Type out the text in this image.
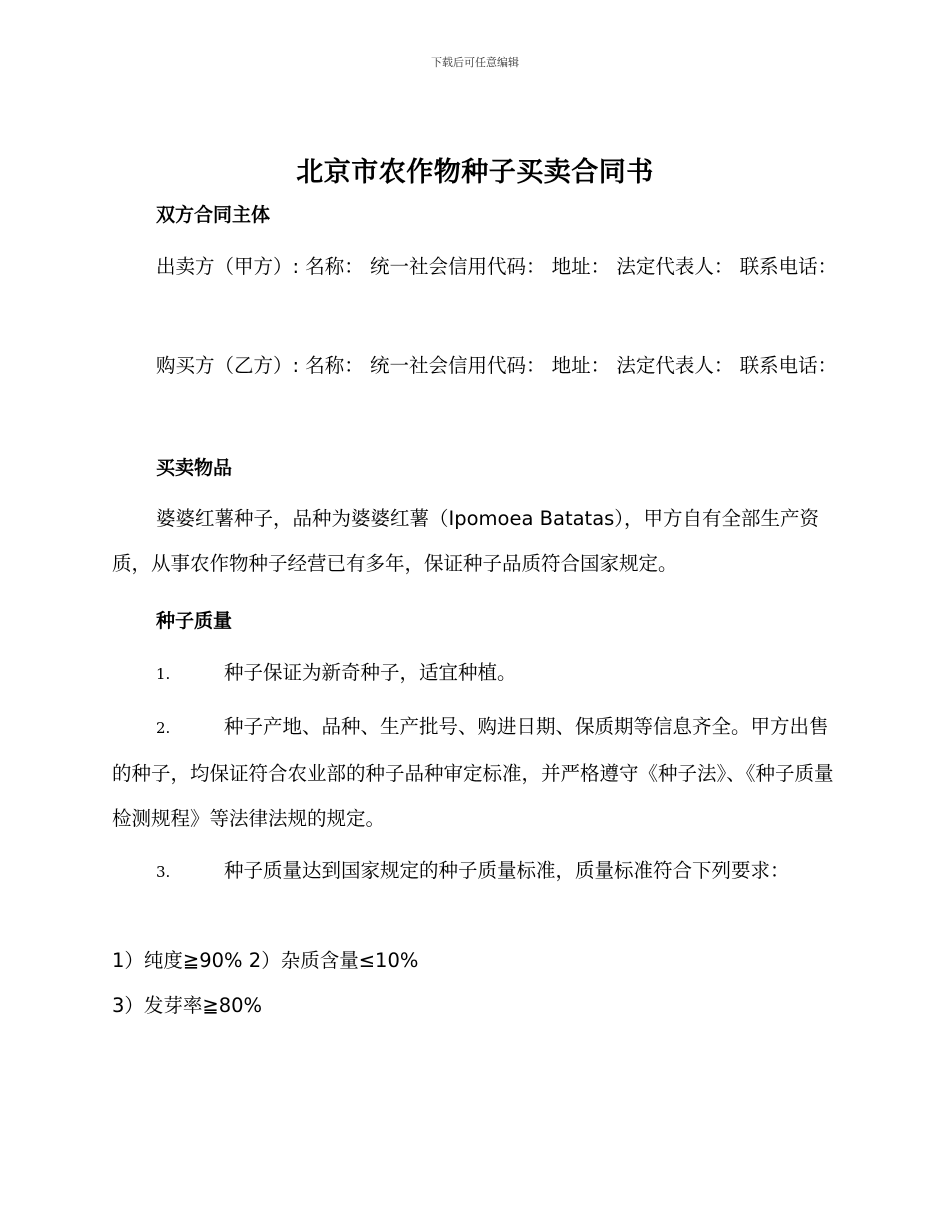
下载后可任意编辑
北京市农作物种子买卖合同书
双方合同主体

出卖方（甲方）: 名称： 统一社会信用代码： 地址： 法定代表人： 联系电话：

购买方（乙方）: 名称： 统一社会信用代码： 地址： 法定代表人： 联系电话：

买卖物品

婆婆红薯种子，品种为婆婆红薯（Ipomoea Batatas），甲方自有全部生产资质，从事农作物种子经营已有多年，保证种子品质符合国家规定。

种子质量

1.	种子保证为新奇种子，适宜种植。

2.	种子产地、品种、生产批号、购进日期、保质期等信息齐全。甲方出售的种子，均保证符合农业部的种子品种审定标准，并严格遵守《种子法》、《种子质量检测规程》等法律法规的规定。

3.	种子质量达到国家规定的种子质量标准，质量标准符合下列要求：

1）纯度≧90% 2）杂质含量≤10%

3）发芽率≧80%
